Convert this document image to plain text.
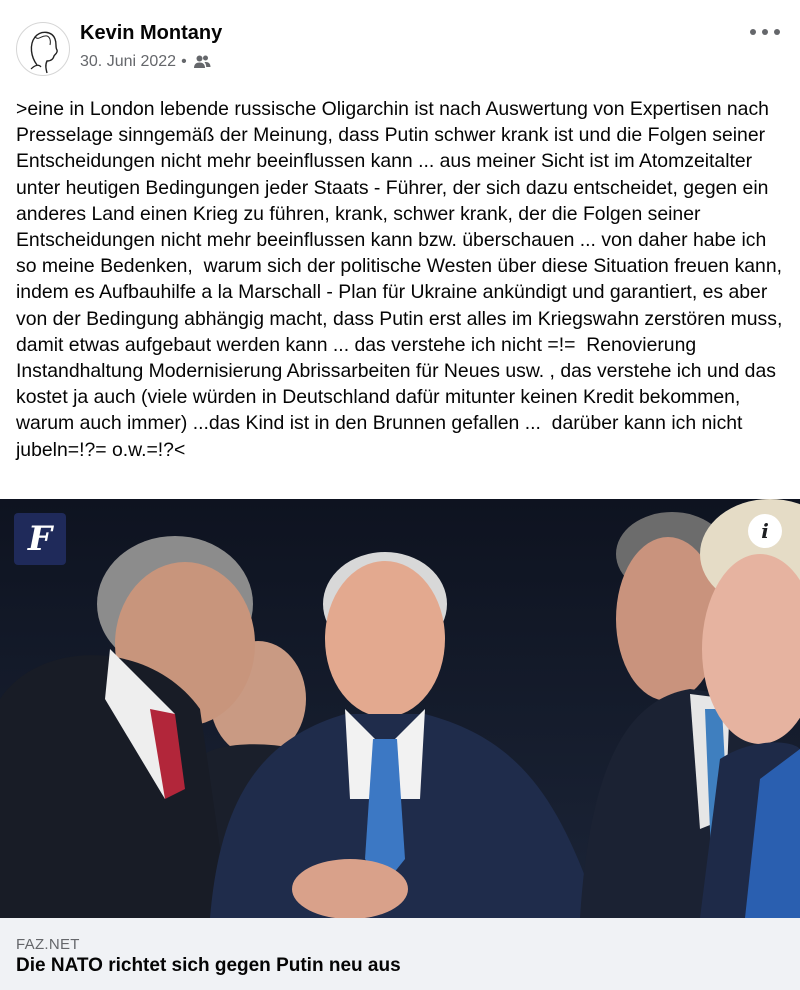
Kevin Montany
30. Juni 2022 •

>eine in London lebende russische Oligarchin ist nach Auswertung von Expertisen nach Presselage sinngemäß der Meinung, dass Putin schwer krank ist und die Folgen seiner Entscheidungen nicht mehr beeinflussen kann ... aus meiner Sicht ist im Atomzeitalter unter heutigen Bedingungen jeder Staats - Führer, der sich dazu entscheidet, gegen ein anderes Land einen Krieg zu führen, krank, schwer krank, der die Folgen seiner Entscheidungen nicht mehr beeinflussen kann bzw. überschauen ... von daher habe ich so meine Bedenken,  warum sich der politische Westen über diese Situation freuen kann, indem es Aufbauhilfe a la Marschall - Plan für Ukraine ankündigt und garantiert, es aber von der Bedingung abhängig macht, dass Putin erst alles im Kriegswahn zerstören muss, damit etwas aufgebaut werden kann ... das verstehe ich nicht =!=  Renovierung Instandhaltung Modernisierung Abrissarbeiten für Neues usw. , das verstehe ich und das kostet ja auch (viele würden in Deutschland dafür mitunter keinen Kredit bekommen, warum auch immer) ...das Kind ist in den Brunnen gefallen ...  darüber kann ich nicht jubeln=!?= o.w.=!?<

F	i
FAZ.NET
Die NATO richtet sich gegen Putin neu aus
